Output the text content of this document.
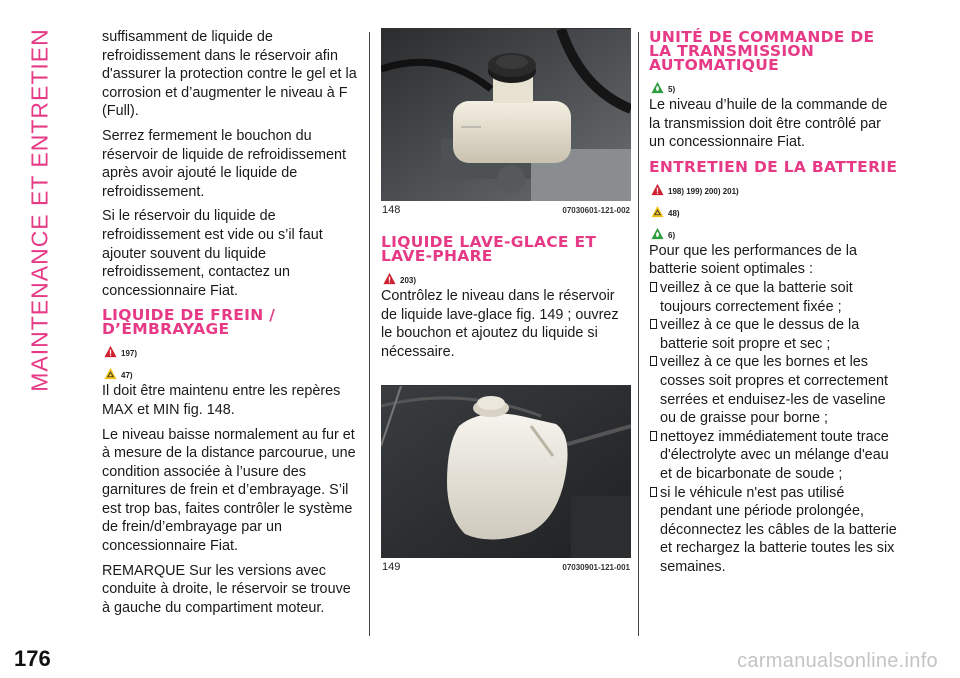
MAINTENANCE ET ENTRETIEN	suffisamment de liquide de refroidissement dans le réservoir afin d'assurer la protection contre le gel et la corrosion et d’augmenter le niveau à F (Full).

Serrez fermement le bouchon du réservoir de liquide de refroidissement après avoir ajouté le liquide de refroidissement.

Si le réservoir du liquide de refroidissement est vide ou s’il faut ajouter souvent du liquide refroidissement, contactez un concessionnaire Fiat.

LIQUIDE DE FREIN / D’EMBRAYAGE
197)
47)

Il doit être maintenu entre les repères MAX et MIN fig. 148.

Le niveau baisse normalement au fur et à mesure de la distance parcourue, une condition associée à l’usure des garnitures de frein et d’embrayage. S’il est trop bas, faites contrôler le système de frein/d’embrayage par un concessionnaire Fiat.

REMARQUE Sur les versions avec conduite à droite, le réservoir se trouve à gauche du compartiment moteur.

148	07030601-121-002
LIQUIDE LAVE-GLACE ET LAVE-PHARE
203)

Contrôlez le niveau dans le réservoir de liquide lave-glace fig. 149 ; ouvrez le bouchon et ajoutez du liquide si nécessaire.

149	07030901-121-001
UNITÉ DE COMMANDE DE LA TRANSMISSION AUTOMATIQUE
5)

Le niveau d’huile de la commande de la transmission doit être contrôlé par un concessionnaire Fiat.

ENTRETIEN DE LA BATTERIE
198) 199) 200) 201)
48)
6)

Pour que les performances de la batterie soient optimales :

veillez à ce que la batterie soit toujours correctement fixée ;
veillez à ce que le dessus de la batterie soit propre et sec ;
veillez à ce que les bornes et les cosses soit propres et correctement serrées et enduisez-les de vaseline ou de graisse pour borne ;
nettoyez immédiatement toute trace d'électrolyte avec un mélange d'eau et de bicarbonate de soude ;
si le véhicule n'est pas utilisé pendant une période prolongée, déconnectez les câbles de la batterie et rechargez la batterie toutes les six semaines.
176	carmanualsonline.info
